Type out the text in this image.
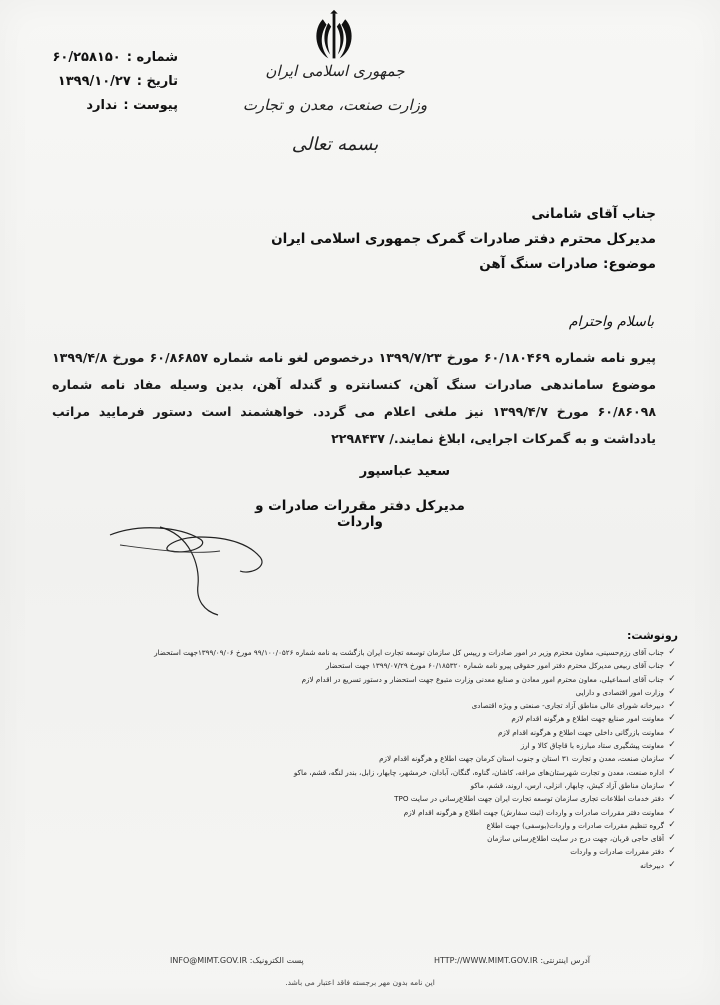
جمهوری اسلامی ایران
وزارت صنعت، معدن و تجارت
بسمه تعالی
شماره :
۶۰/۲۵۸۱۵۰
تاریخ :
۱۳۹۹/۱۰/۲۷
پیوست :
ندارد
جناب آقای شامانی
مدیرکل محترم دفتر صادرات گمرک جمهوری اسلامی ایران
موضوع: صادرات سنگ آهن
باسلام واحترام
پیرو نامه شماره ۶۰/۱۸۰۴۶۹ مورخ ۱۳۹۹/۷/۲۳ درخصوص لغو نامه شماره ۶۰/۸۶۸۵۷ مورخ ۱۳۹۹/۴/۸ موضوع ساماندهی صادرات سنگ آهن، کنسانتره و گندله آهن، بدین وسیله مفاد نامه شماره ۶۰/۸۶۰۹۸ مورخ ۱۳۹۹/۴/۷ نیز ملغی اعلام می گردد. خواهشمند است دستور فرمایید مراتب یادداشت و به گمرکات اجرایی، ابلاغ نمایند./ ۲۲۹۸۴۳۷
سعید عباسپور
مدیرکل دفتر مقررات صادرات و واردات
رونوشت:
✓
جناب آقای رزم‌حسینی، معاون محترم وزیر در امور صادرات و رییس کل سازمان توسعه تجارت ایران بازگشت به نامه شماره ۹۹/۱۰۰/۰۵۲۶ مورخ ۱۳۹۹/۰۹/۰۶جهت استحضار
✓
جناب آقای ربیعی مدیرکل محترم دفتر امور حقوقی پیرو نامه شماره ۶۰/۱۸۵۳۲۰ مورخ ۱۳۹۹/۰۷/۲۹ جهت استحضار
✓
جناب آقای اسماعیلی، معاون محترم امور معادن و صنایع معدنی وزارت متبوع جهت استحضار و دستور تسریع در اقدام لازم
✓
وزارت امور اقتصادی و دارایی
✓
دبیرخانه شورای عالی مناطق آزاد تجاری- صنعتی و ویژه اقتصادی
✓
معاونت امور صنایع جهت اطلاع و هرگونه اقدام لازم
✓
معاونت بازرگانی داخلی جهت اطلاع و هرگونه اقدام لازم
✓
معاونت پیشگیری ستاد مبارزه با قاچاق کالا و ارز
✓
سازمان صنعت، معدن و تجارت ۳۱ استان و جنوب استان کرمان جهت اطلاع و هرگونه اقدام لازم
✓
اداره صنعت، معدن و تجارت شهرستان‌های مراغه، کاشان، گناوه، گنگان، آبادان، خرمشهر، چابهار، زابل، بندر لنگه، قشم، ماکو
✓
سازمان مناطق آزاد کیش، چابهار، انزلی، ارس، اروند، قشم، ماکو
✓
دفتر خدمات اطلاعات تجاری سازمان توسعه تجارت ایران جهت اطلاع‌رسانی در سایت TPO
✓
معاونت دفتر مقررات صادرات و واردات (ثبت سفارش) جهت اطلاع و هرگونه اقدام لازم
✓
گروه تنظیم مقررات صادرات و واردات(بوسفی) جهت اطلاع
✓
آقای حاجی قربان، جهت درج در سایت اطلاع‌رسانی سازمان
✓
دفتر مقررات صادرات و واردات
✓
دبیرخانه
آدرس اینترنتی: HTTP://WWW.MIMT.GOV.IR
پست الکترونیک: INFO@MIMT.GOV.IR
این نامه بدون مهر برجسته فاقد اعتبار می باشد.
